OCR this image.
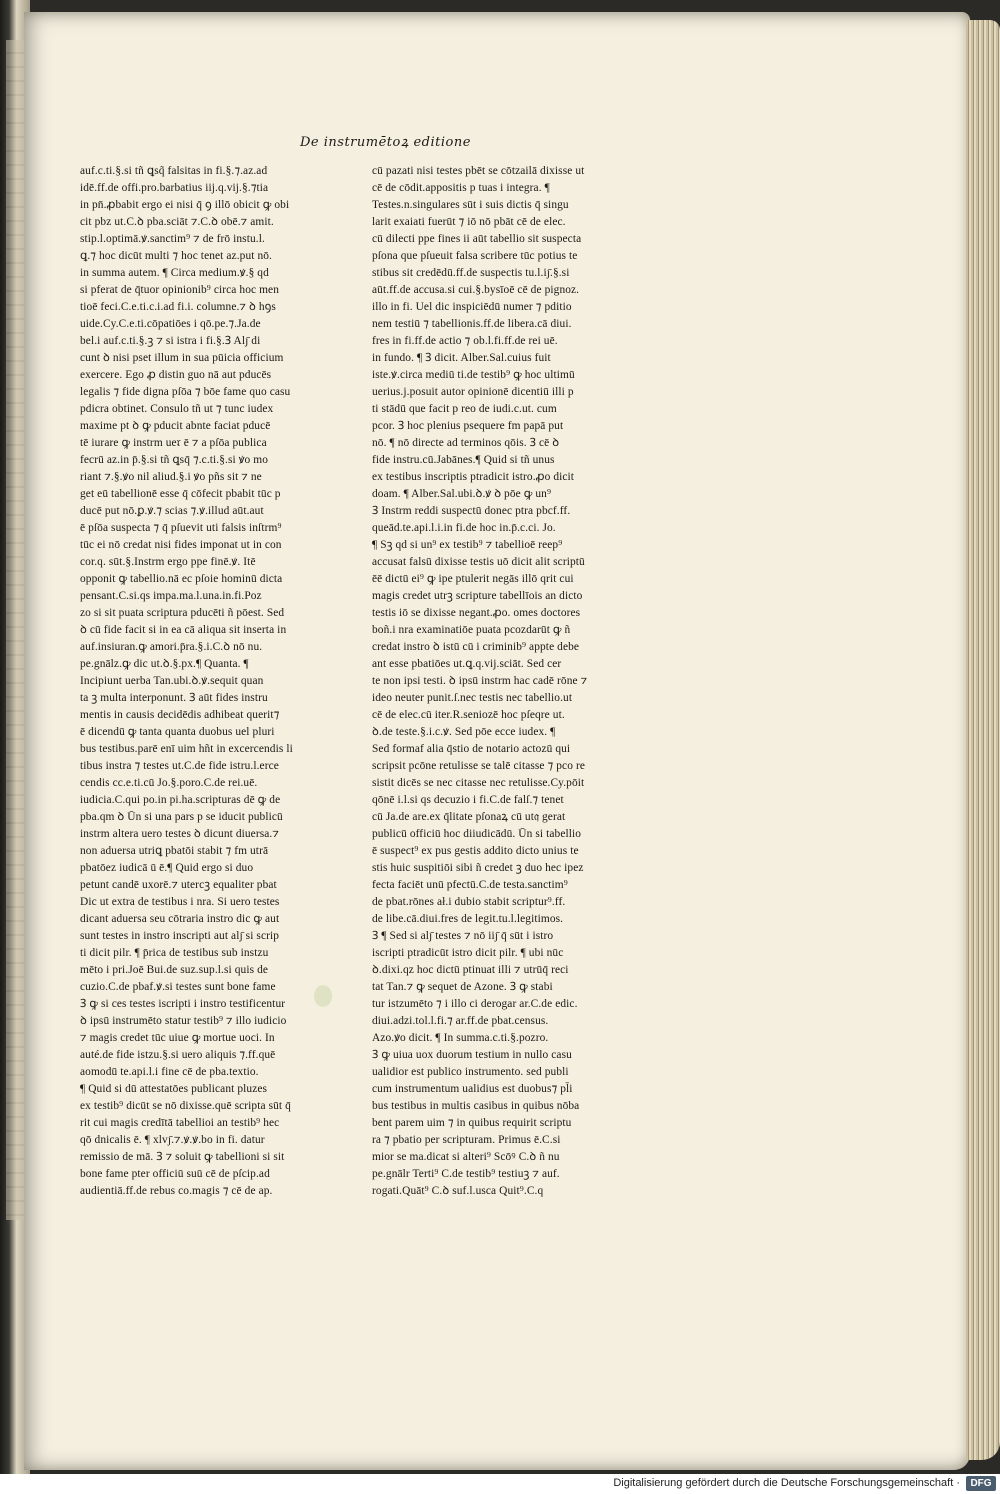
De instrumētoꝝ editione
auf.c.ti.§.si tñ ꝗsq̃ falsitas in fi.§.⁊.az.ad
idē.ff.de offi.pro.barbatius iij.q.vij.§.⁊tia
in pn̄.ꝓbabit ergo ei nisi q̄ ꝯ illō obicit ꝙ obi
cit pbz ut.C.ꝺ pba.sciāt ⁊.C.ꝺ obē.⁊ amit.
stip.l.optimā.ꝟ.sanctim⁹ ⁊ de frō instu.l.
ꝗ.⁊ hoc dicūt multi ⁊ hoc tenet az.put nō.
in summa autem. ¶ Circa medium.ꝟ.§ qd
si pferat de q̄tuor opinionib⁹ circa hoc men
tioē feci.C.e.ti.c.i.ad fi.i. columne.⁊ ꝺ hꝯs
uide.Cy.C.e.ti.cōpatiōes i qō.pe.⁊.Ja.de
bel.i auf.c.ti.§.ꝫ ⁊ si istra i fi.§.Ꝫ Alȷ̄ di
cunt ꝺ nisi pset illum in sua pūicia officium
exercere. Ego ꝓ distin guo nā aut pducēs
legalis ⁊ fide digna pſōa ⁊ bōe fame quo casu
pdicra obtinet. Consulo tñ ut ⁊ tunc iudex
maxime pt ꝺ ꝙ pducit abnte faciat pducē
tē iurare ꝙ instrm ue𝔯 ē ⁊ a pſōa publica
fecrū az.in p̄.§.si tñ ꝗsq̄ ⁊.c.ti.§.si ꝟo mo
riant ⁊.§.ꝟo nil aliud.§.i ꝟo pñs sit ⁊ ne
get eū tabellionē esse q̄ cōfecit pbabit tūc p
ducē put nō.ꝑ.ꝟ.⁊ scias ⁊.ꝟ.illud aūt.aut
ē pſōa suspecta ⁊ q̄ pſuevit uti falsis inſtrm⁹
tūc ei nō credat nisi fides imponat ut in con
cor.q. sūt.§.Instrm ergo ppe finē.ꝟ. Itē
opponit ꝙ tabellio.nā ec pſoie hominū dicta
pensant.C.si.qs impa.ma.l.una.in.fi.Poz
zo si sit puata scriptura pducēti ñ pōest. Sed
ꝺ cū fide facit si in ea cā aliqua sit inserta in
auf.insiuran.ꝙ amori.p̄ra.§.i.C.ꝺ nō nu.
pe.gnālz.ꝙ dic ut.ꝺ.§.px.¶ Quanta. ¶
Incipiunt uerba Tan.ubi.ꝺ.ꝟ.sequit quan
ta ꝫ multa interponunt. Ꝫ aūt fides instru
mentis in causis decidēdis adhibeat querit⁊
ē dicendū ꝙ tanta quanta duobus uel pluri
bus testibus.parē enī uim hñt in excercendis li
tibus instra ⁊ testes ut.C.de fide istru.l.erce
cendis cc.e.ti.cū Jo.§.poro.C.de rei.uē.
iudicia.C.qui po.in pi.ha.scripturas dē ꝙ de
pba.qm ꝺ Ūn si una pars p se iducit publicū
instrm altera uero testes ꝺ dicunt diuersa.⁊
non aduersa utriꝗ pbatōi stabit ⁊ fm utrā
pbatōez iudicā ū ē.¶ Quid ergo si duo
petunt candē uxorē.⁊ utercꝫ equaliter pbat
Dic ut extra de testibus i nra. Si uero testes
dicant aduersa seu cōtraria instro dic ꝙ aut
sunt testes in instro inscripti aut alȷ̄ si scrip
ti dicit pilr. ¶ p̄rica de testibus sub instzu
mēto i pri.Joē Bui.de suz.sup.l.si quis de
cuzio.C.de pbaf.ꝟ.si testes sunt bone fame
Ꝫ ꝙ si ces testes iscripti i instro testificentur
ꝺ ipsū instrumēto statur testib⁹ ⁊ illo iudicio
⁊ magis credet tūc uiue ꝙ mortue uoci. In
auté.de fide istzu.§.si uero aliquis ⁊.ff.quē
aomodū te.api.l.i fine cē de pba.textio.
¶ Quid si dū attestatōes publicant pluzes
ex testib⁹ dicūt se nō dixisse.quē scripta sūt q̄
rit cui magis credītā tabellioi an testib⁹ hec
qō dnicalis ē. ¶ xlvȷ̄.⁊.ꝟ.ꝟ.bo in fi. datur
remissio de mā. Ꝫ ⁊ soluit ꝙ tabellioni si sit
bone fame pter officiū suū cē de pſcip.ad
audientiā.ff.de rebus co.magis ⁊ cē de ap.
cū pazati nisi testes pbēt se cōtzailā dixisse ut
cē de cōdit.appositis p tuas i integra. ¶
Testes.n.singulares sūt i suis dictis q̄ singu
larit exaiati fuerūt ⁊ iō nō pbāt cē de elec.
cū dilecti ppe fines ii aūt tabellio sit suspecta
pſona que pſueuit falsa scribere tūc potius te
stibus sit credēdū.ff.de suspectis tu.l.iȷ̄.§.si
aūt.ff.de accusa.si cui.§.bysīoē cē de pignoz.
illo in fi. Uel dic inspiciēdū numer ⁊ pditio
nem testiū ⁊ tabellionis.ff.de libera.cā diui.
fres in fi.ff.de actio ⁊ ob.l.fi.ff.de rei uē.
in fundo. ¶ Ꝫ dicit. Alber.Sal.cuius fuit
iste.ꝟ.circa mediū ti.de testib⁹ ꝙ hoc ultimū
uerius.j.posuit autor opinionē dicentiū illi p
ti stādū que facit p reo de iudi.c.ut. cum
pcor. Ꝫ hoc plenius psequere fm papā put
nō. ¶ nō directe ad terminos qōis. Ꝫ cē ꝺ
fide instru.cū.Jabānes.¶ Quid si tñ unus
ex testibus inscriptis ptradicit istro.ꝓo dicit
doam. ¶ Alber.Sal.ubi.ꝺ.ꝟ ꝺ pōe ꝙ un⁹
Ꝫ Instrm reddi suspectū donec ptra pbcf.ff.
queād.te.api.l.i.in fi.de hoc in.p̄.c.ci. Jo.
¶ Sꝫ qd si un⁹ ex testib⁹ ⁊ tabellioē reep⁹
accusat falsū dixisse testis uō dicit alit scriptū
ēē dictū ei⁹ ꝙ ipe ptulerit negās illō qrit cui
magis credet utrꝫ scripture tabellīois an dicto
testis iō se dixisse negant.ꝓo. omes doctores
boñ.i nra examinatiōe puata pcozdarūt ꝙ ñ
credat instro ꝺ istū cū i criminib⁹ appte debe
ant esse pbatiōes ut.ꝗ.q.vij.sciāt. Sed cer
te non ipsi testi. ꝺ ipsū instrm hac cadē rōne ⁊
ideo neuter punit.ſ.nec testis nec tabellio.ut
cē de elec.cū iter.R.seniozē hoc pſeqre ut.
ꝺ.de teste.§.i.c.ꝟ. Sed pōe ecce iudex. ¶
Sed formaf alia q̄stio de notario actozū qui
scripsit pcōne retulisse se talē citasse ⁊ pco re
sistit dicēs se nec citasse nec retulisse.Cy.pōit
qōnē i.l.si qs decuzio i fi.C.de falſ.⁊ tenet
cū Ja.de are.ex q̄litate pſonaꝝ cū ut𝔮 gerat
publicū officiū hoc diiudicādū. Ūn si tabellio
ē suspect⁹ ex pus gestis addito dicto unius te
stis huic suspitiōi sibi ñ credet ꝫ duo hec ipez
fecta faciēt unū pfectū.C.de testa.sanctim⁹
de pbat.rōnes ał.i dubio stabit scriptur⁹.ff.
de libe.cā.diui.fres de legit.tu.l.legitimos.
Ꝫ ¶ Sed si alȷ̄ testes ⁊ nō iiȷ̄ q̄ sūt i istro
iscripti ptradicūt istro dicit pilr. ¶ ubi nūc
ꝺ.dixi.qz hoc dictū ptinuat illi ⁊ utrūq̄ reci
tat Tan.⁊ ꝙ sequet de Azone. Ꝫ ꝙ stabi
tur istzumēto ⁊ i illo ci derogar ar.C.de edic.
diui.adzi.tol.l.fi.⁊ ar.ff.de pbat.census.
Azo.ꝟo dicit. ¶ In summa.c.ti.§.pozro.
Ꝫ ꝙ uiua uox duorum testium in nullo casu
ualidior est publico instrumento. sed publi
cum instrumentum ualidius est duobus⁊ pl̄i
bus testibus in multis casibus in quibus nōba
bent parem uim ⁊ in quibus requirit scriptu
ra ⁊ pbatio per scripturam. Primus ē.C.si
mior se ma.dicat si alteri⁹ Scōꝰ C.ꝺ ñ nu
pe.gnālr Terti⁹ C.de testib⁹ testiuꝫ ⁊ auf.
rogati.Quāt⁹ C.ꝺ suf.l.usca Quit⁹.C.q
Digitalisierung gefördert durch die Deutsche Forschungsgemeinschaft ·	DFG
